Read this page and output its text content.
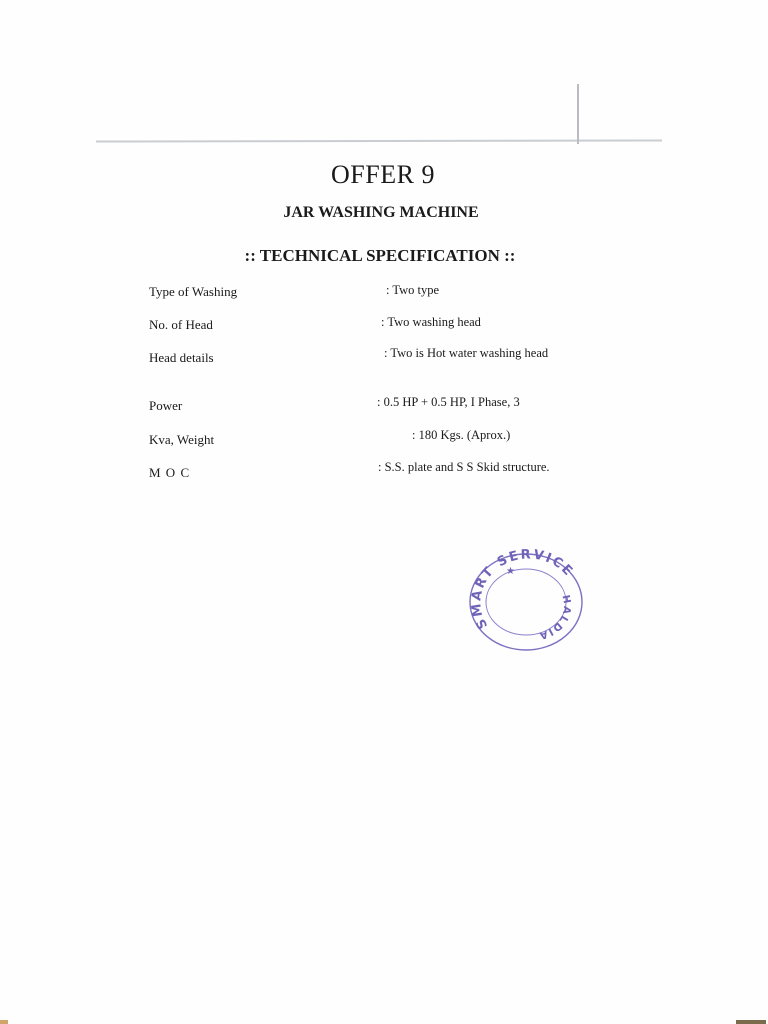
OFFER 9
JAR WASHING MACHINE
:: TECHNICAL SPECIFICATION ::
Type of Washing	: Two type
No. of Head	: Two washing head
Head details	: Two is Hot water washing head
Power	: 0.5 HP + 0.5 HP, I Phase, 3
Kva, Weight	: 180 Kgs. (Aprox.)
M O C	: S.S. plate and S S Skid structure.
SMART SERVICE
HALDIA
★
